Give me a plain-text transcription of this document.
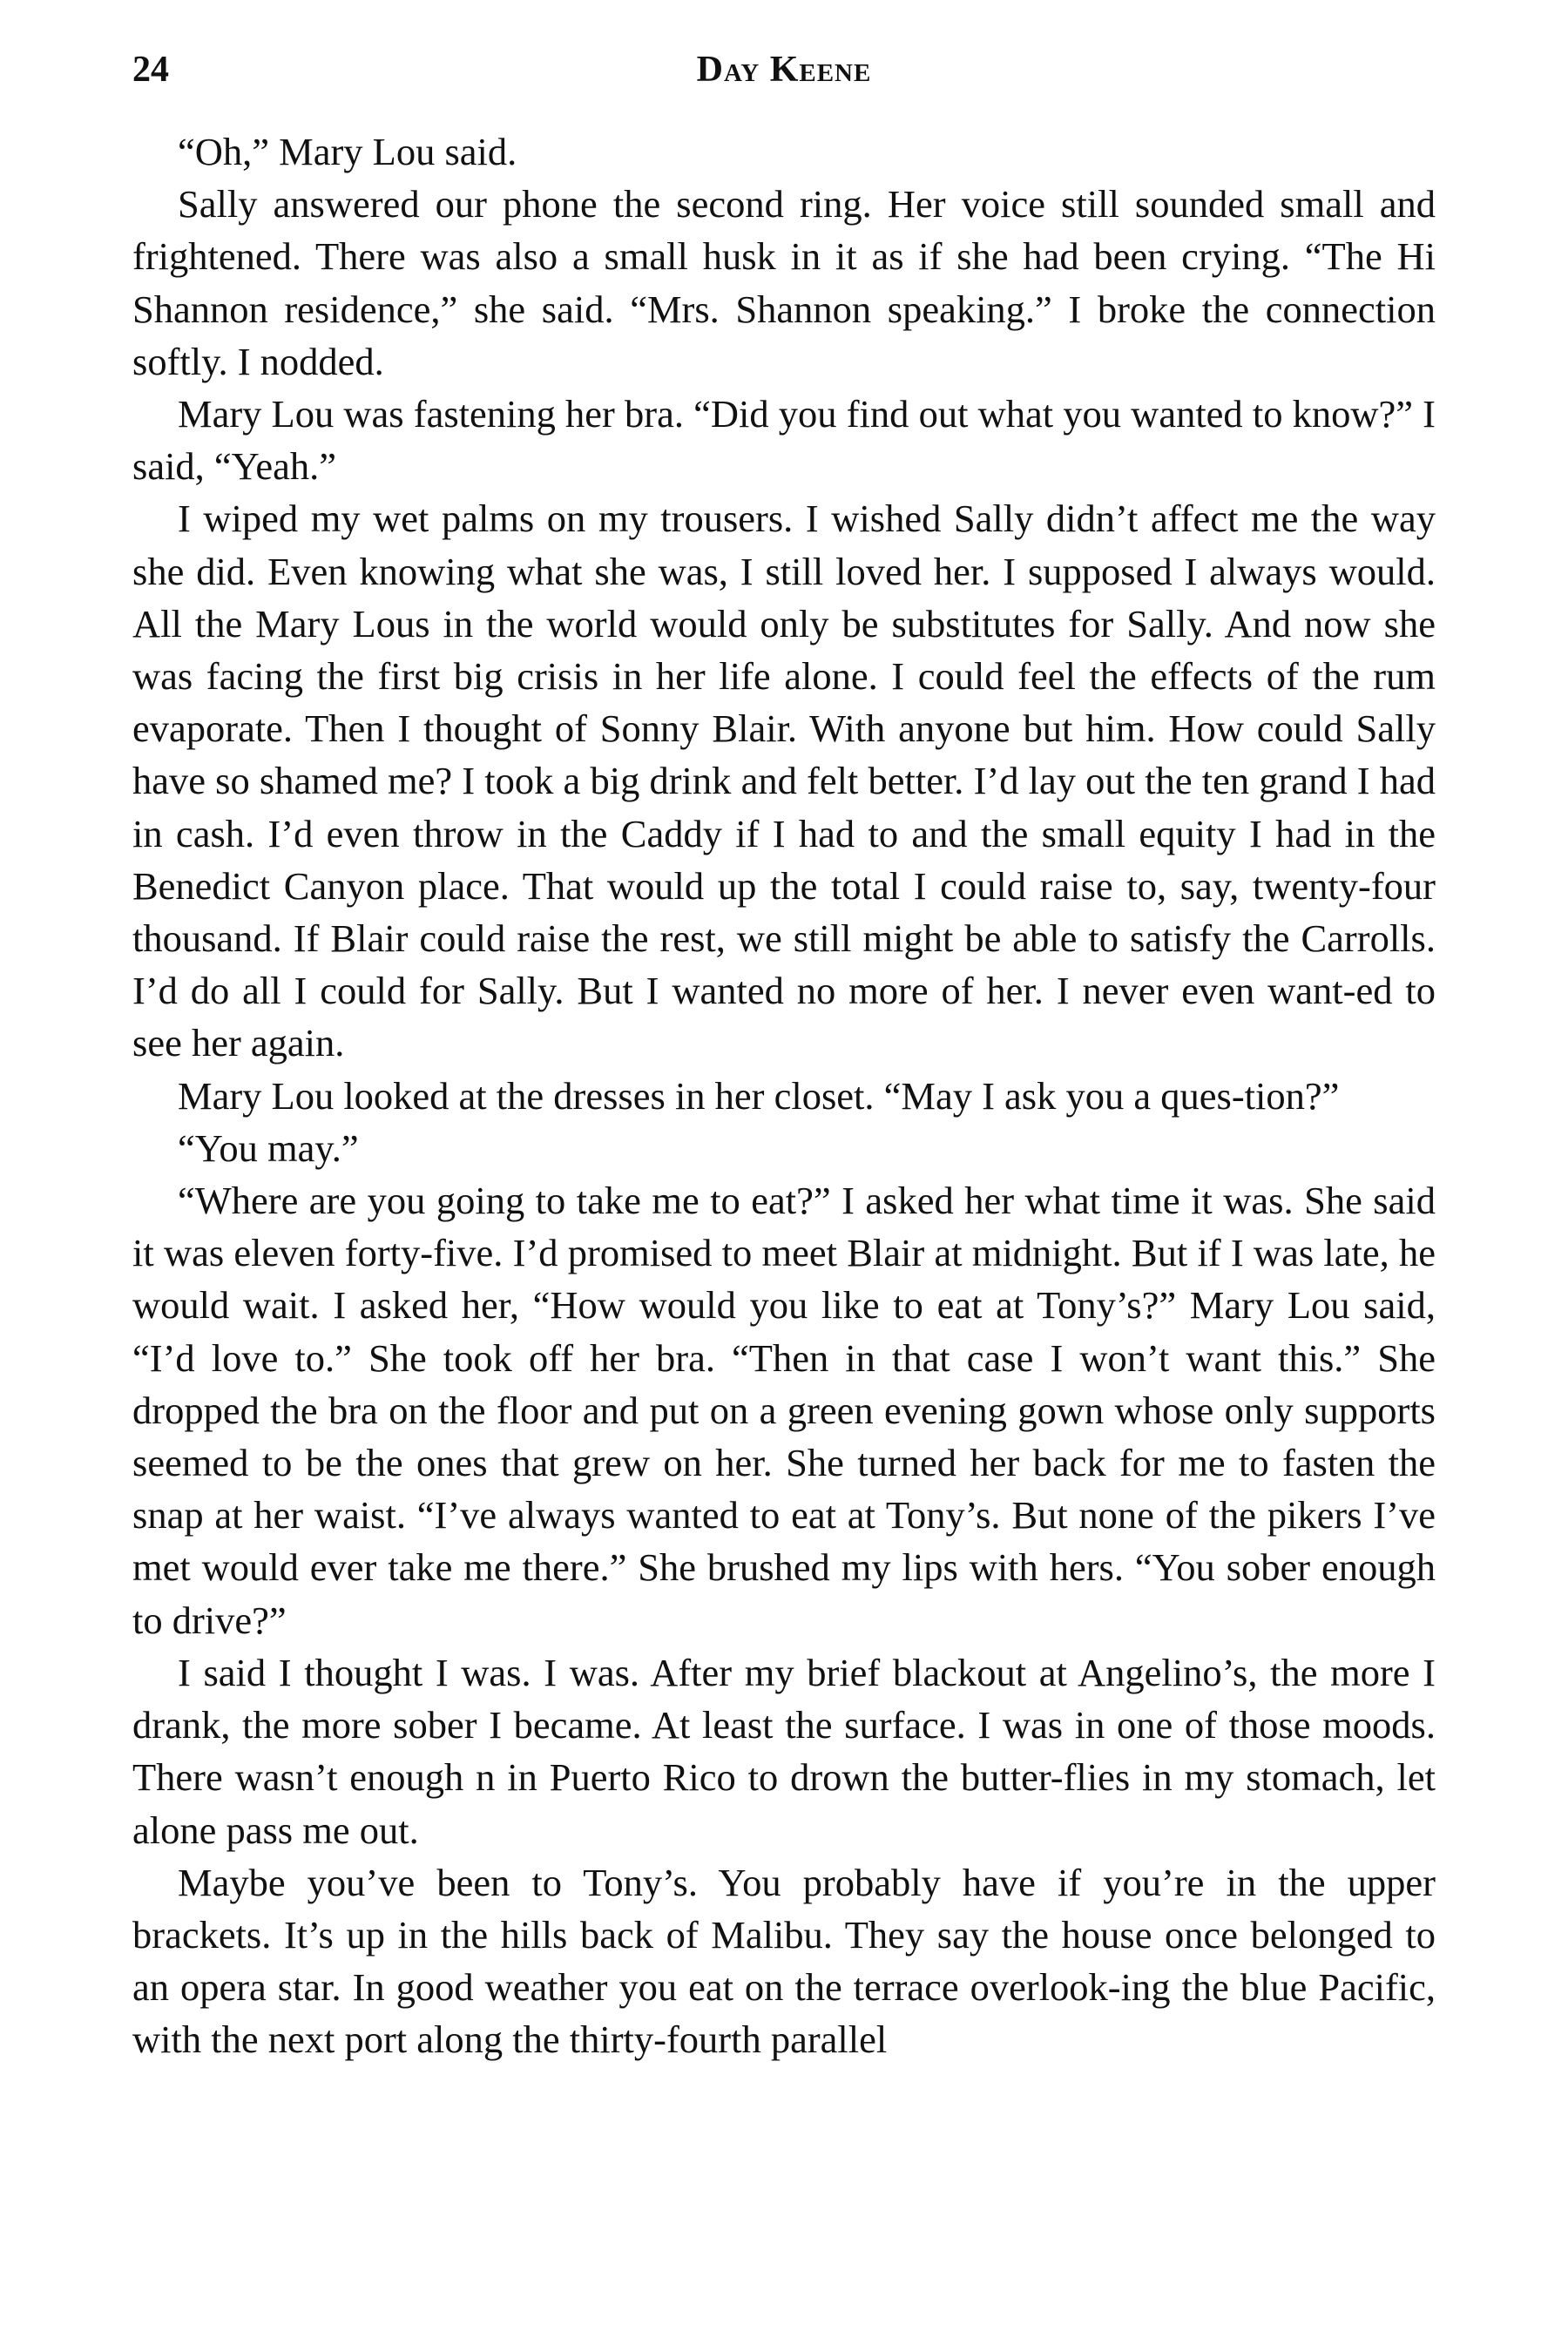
24	Day Keene

“Oh,” Mary Lou said.

Sally answered our phone the second ring. Her voice still sounded small and frightened. There was also a small husk in it as if she had been crying. “The Hi Shannon residence,” she said. “Mrs. Shannon speaking.” I broke the connection softly. I nodded.

Mary Lou was fastening her bra. “Did you find out what you wanted to know?” I said, “Yeah.”

I wiped my wet palms on my trousers. I wished Sally didn’t affect me the way she did. Even knowing what she was, I still loved her. I supposed I always would. All the Mary Lous in the world would only be substitutes for Sally. And now she was facing the first big crisis in her life alone. I could feel the effects of the rum evaporate. Then I thought of Sonny Blair. With anyone but him. How could Sally have so shamed me? I took a big drink and felt better. I’d lay out the ten grand I had in cash. I’d even throw in the Caddy if I had to and the small equity I had in the Benedict Canyon place. That would up the total I could raise to, say, twenty-four thousand. If Blair could raise the rest, we still might be able to satisfy the Carrolls. I’d do all I could for Sally. But I wanted no more of her. I never even want-ed to see her again.

Mary Lou looked at the dresses in her closet. “May I ask you a ques-tion?”

“You may.”

“Where are you going to take me to eat?” I asked her what time it was. She said it was eleven forty-five. I’d promised to meet Blair at midnight. But if I was late, he would wait. I asked her, “How would you like to eat at Tony’s?” Mary Lou said, “I’d love to.” She took off her bra. “Then in that case I won’t want this.” She dropped the bra on the floor and put on a green evening gown whose only supports seemed to be the ones that grew on her. She turned her back for me to fasten the snap at her waist. “I’ve always wanted to eat at Tony’s. But none of the pikers I’ve met would ever take me there.” She brushed my lips with hers. “You sober enough to drive?”

I said I thought I was. I was. After my brief blackout at Angelino’s, the more I drank, the more sober I became. At least the surface. I was in one of those moods. There wasn’t enough n in Puerto Rico to drown the butter-flies in my stomach, let alone pass me out.

Maybe you’ve been to Tony’s. You probably have if you’re in the upper brackets. It’s up in the hills back of Malibu. They say the house once belonged to an opera star. In good weather you eat on the terrace overlook-ing the blue Pacific, with the next port along the thirty-fourth parallel
